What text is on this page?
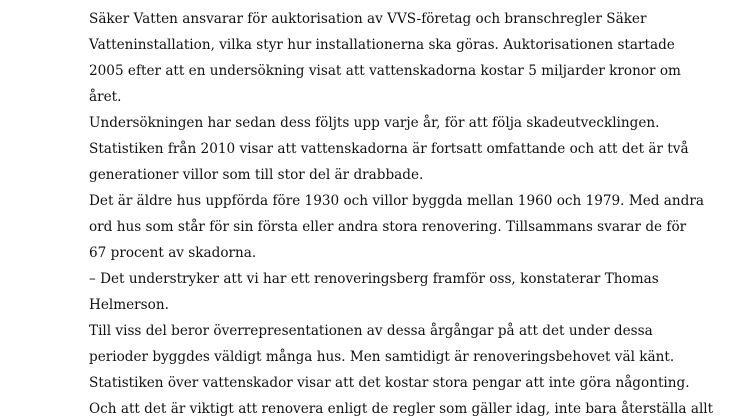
Säker Vatten ansvarar för auktorisation av VVS-företag och branschregler Säker
Vatteninstallation, vilka styr hur installationerna ska göras. Auktorisationen startade
2005 efter att en undersökning visat att vattenskadorna kostar 5 miljarder kronor om
året.
Undersökningen har sedan dess följts upp varje år, för att följa skadeutvecklingen.
Statistiken från 2010 visar att vattenskadorna är fortsatt omfattande och att det är två
generationer villor som till stor del är drabbade.
Det är äldre hus uppförda före 1930 och villor byggda mellan 1960 och 1979. Med andra
ord hus som står för sin första eller andra stora renovering. Tillsammans svarar de för
67 procent av skadorna.
– Det understryker att vi har ett renoveringsberg framför oss, konstaterar Thomas
Helmerson.
Till viss del beror överrepresentationen av dessa årgångar på att det under dessa
perioder byggdes väldigt många hus. Men samtidigt är renoveringsbehovet väl känt.
Statistiken över vattenskador visar att det kostar stora pengar att inte göra någonting.
Och att det är viktigt att renovera enligt de regler som gäller idag, inte bara återställa allt
